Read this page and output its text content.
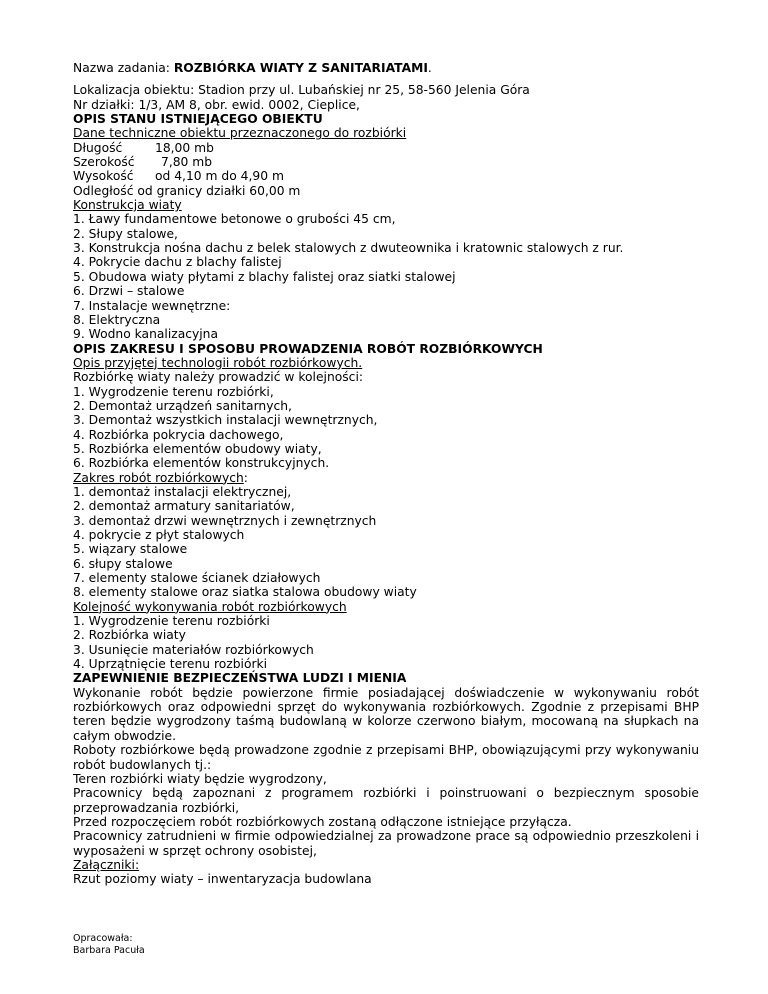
Nazwa zadania: ROZBIÓRKA WIATY Z SANITARIATAMI.
Lokalizacja obiektu: Stadion przy ul. Lubańskiej nr 25, 58-560 Jelenia Góra
Nr działki: 1/3, AM 8, obr. ewid. 0002, Cieplice,
OPIS STANU ISTNIEJĄCEGO OBIEKTU
Dane techniczne obiektu przeznaczonego do rozbiórki
Długość	18,00 mb
Szerokość 7,80 mb
Wysokość od 4,10 m do 4,90 m
Odległość od granicy działki 60,00 m
Konstrukcja wiaty
1. Ławy fundamentowe betonowe o grubości 45 cm,
2. Słupy stalowe,
3. Konstrukcja nośna dachu z belek stalowych z dwuteownika i kratownic stalowych z rur.
4. Pokrycie dachu z blachy falistej
5. Obudowa wiaty płytami z blachy falistej oraz siatki stalowej
6. Drzwi – stalowe
7. Instalacje wewnętrzne:
8. Elektryczna
9. Wodno kanalizacyjna
OPIS ZAKRESU I SPOSOBU PROWADZENIA ROBÓT ROZBIÓRKOWYCH
Opis przyjętej technologii robót rozbiórkowych.
Rozbiórkę wiaty należy prowadzić w kolejności:
1. Wygrodzenie terenu rozbiórki,
2. Demontaż urządzeń sanitarnych,
3. Demontaż wszystkich instalacji wewnętrznych,
4. Rozbiórka pokrycia dachowego,
5. Rozbiórka elementów obudowy wiaty,
6. Rozbiórka elementów konstrukcyjnych.
Zakres robót rozbiórkowych:
1. demontaż instalacji elektrycznej,
2. demontaż armatury sanitariatów,
3. demontaż drzwi wewnętrznych i zewnętrznych
4. pokrycie z płyt stalowych
5. wiązary stalowe
6. słupy stalowe
7. elementy stalowe ścianek działowych
8. elementy stalowe oraz siatka stalowa obudowy wiaty
Kolejność wykonywania robót rozbiórkowych
1. Wygrodzenie terenu rozbiórki
2. Rozbiórka wiaty
3. Usunięcie materiałów rozbiórkowych
4. Uprzątnięcie terenu rozbiórki
ZAPEWNIENIE BEZPIECZEŃSTWA LUDZI I MIENIA
Wykonanie robót będzie powierzone firmie posiadającej doświadczenie w wykonywaniu robót rozbiórkowych oraz odpowiedni sprzęt do wykonywania rozbiórkowych. Zgodnie z przepisami BHP teren będzie wygrodzony taśmą budowlaną w kolorze czerwono białym, mocowaną na słupkach na całym obwodzie.
Roboty rozbiórkowe będą prowadzone zgodnie z przepisami BHP, obowiązującymi przy wykonywaniu robót budowlanych tj.:
Teren rozbiórki wiaty będzie wygrodzony,
Pracownicy będą zapoznani z programem rozbiórki i poinstruowani o bezpiecznym sposobie przeprowadzania rozbiórki,
Przed rozpoczęciem robót rozbiórkowych zostaną odłączone istniejące przyłącza.
Pracownicy zatrudnieni w firmie odpowiedzialnej za prowadzone prace są odpowiednio przeszkoleni i wyposażeni w sprzęt ochrony osobistej,
Załączniki:
Rzut poziomy wiaty – inwentaryzacja budowlana
Opracowała:
Barbara Pacuła
